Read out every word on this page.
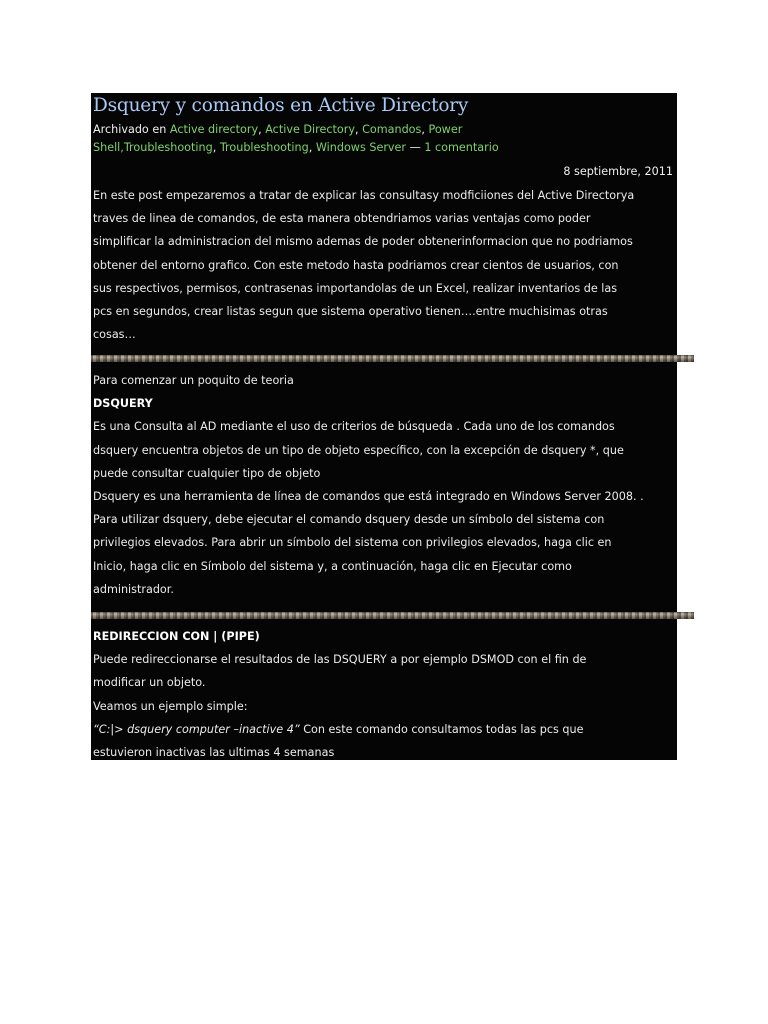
Dsquery y comandos en Active Directory
Archivado en Active directory, Active Directory, Comandos, Power
Shell,Troubleshooting, Troubleshooting, Windows Server — 1 comentario
8 septiembre, 2011
En este post empezaremos a tratar de explicar las consultasy modficiiones del Active Directorya
traves de linea de comandos, de esta manera obtendriamos varias ventajas como poder
simplificar la administracion del mismo ademas de poder obtenerinformacion que no podriamos
obtener del entorno grafico. Con este metodo hasta podriamos crear cientos de usuarios, con
sus respectivos, permisos, contrasenas importandolas de un Excel, realizar inventarios de las
pcs en segundos, crear listas segun que sistema operativo tienen….entre muchisimas otras
cosas…
Para comenzar un poquito de teoria
DSQUERY
Es una Consulta al AD mediante el uso de criterios de búsqueda . Cada uno de los comandos
dsquery encuentra objetos de un tipo de objeto específico, con la excepción de dsquery *, que
puede consultar cualquier tipo de objeto
Dsquery es una herramienta de línea de comandos que está integrado en Windows Server 2008. .
Para utilizar dsquery, debe ejecutar el comando dsquery desde un símbolo del sistema con
privilegios elevados. Para abrir un símbolo del sistema con privilegios elevados, haga clic en
Inicio, haga clic en Símbolo del sistema y, a continuación, haga clic en Ejecutar como
administrador.
REDIRECCION CON | (PIPE)
Puede redireccionarse el resultados de las DSQUERY a por ejemplo DSMOD con el fin de
modificar un objeto.
Veamos un ejemplo simple:
“C:|> dsquery computer –inactive 4” Con este comando consultamos todas las pcs que
estuvieron inactivas las ultimas 4 semanas
